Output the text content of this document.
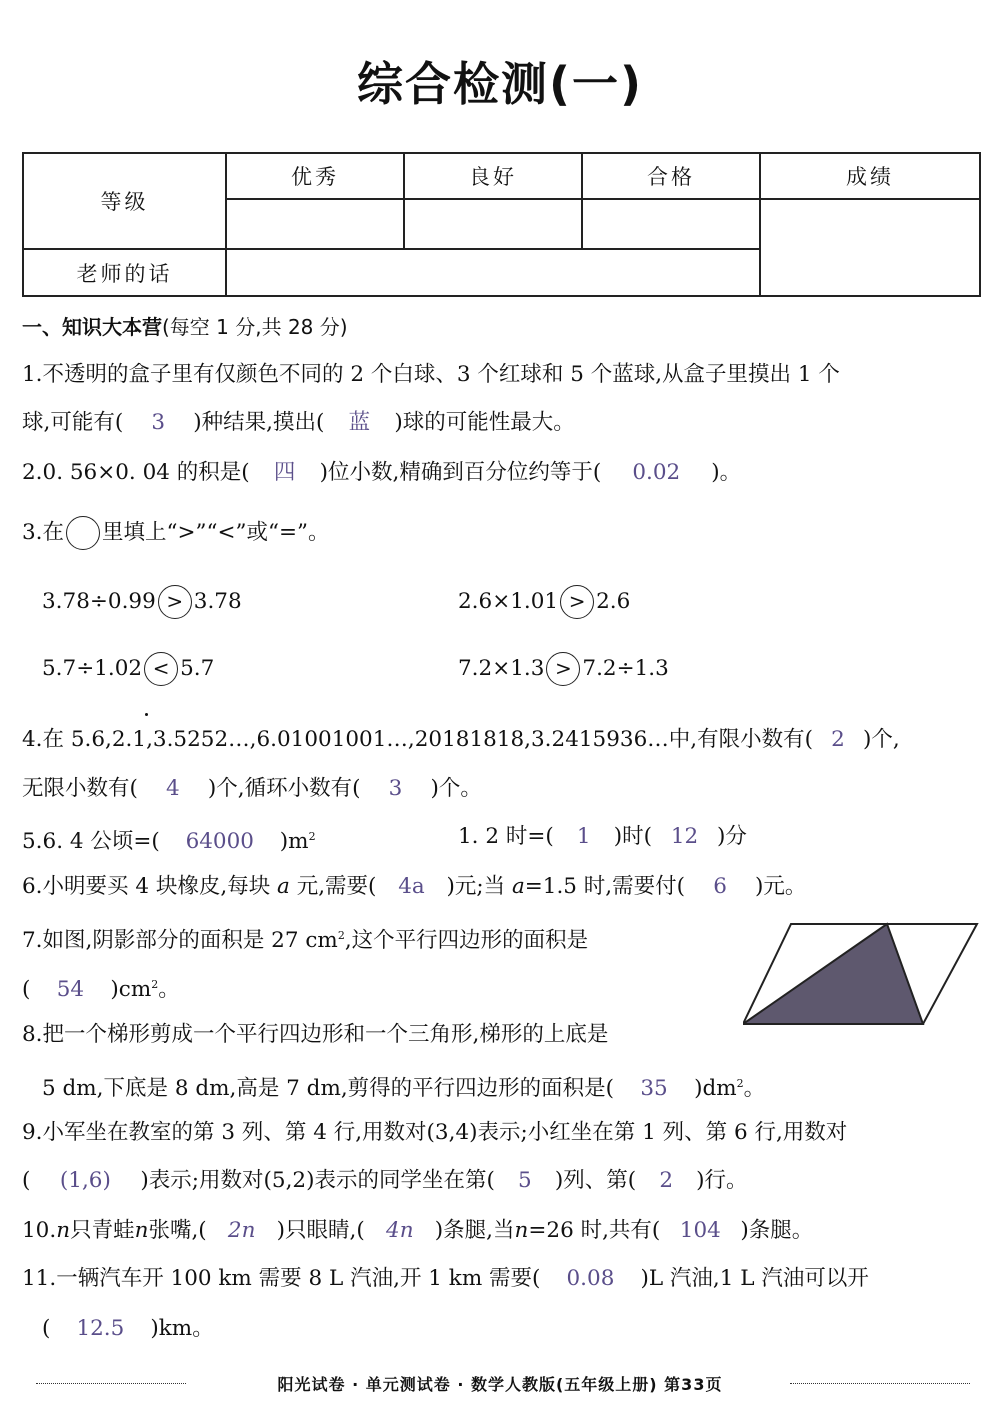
综合检测(一)
等级	优秀	良好	合格	成绩

老师的话				
一、知识大本营(每空 1 分,共 28 分)
1.不透明的盒子里有仅颜色不同的 2 个白球、3 个红球和 5 个蓝球,从盒子里摸出 1 个
球,可能有( 3 )种结果,摸出( 蓝 )球的可能性最大。
2.0. 56×0. 04 的积是( 四 )位小数,精确到百分位约等于( 0.02 )。
3.在 里填上“>”“<”或“=”。
3.78÷0.99 > 3.78	2.6×1.01 > 2.6
5.7÷1.02 < 5.7	7.2×1.3 > 7.2÷1.3
4.在 5.6,2.1,3.5252…,6.01001001…,20181818,3.2415936…中,有限小数有( 2 )个,
无限小数有( 4 )个,循环小数有( 3 )个。
5.6. 4 公顷=( 64000 )$m^2$	1. 2 时=( 1 )时( 12 )分
6.小明要买 4 块橡皮,每块 a 元,需要( 4a )元;当 a=1.5 时,需要付( 6 )元。
7.如图,阴影部分的面积是 27 $cm^2$,这个平行四边形的面积是
( 54 )$cm^2$。
8.把一个梯形剪成一个平行四边形和一个三角形,梯形的上底是
5 dm,下底是 8 dm,高是 7 dm,剪得的平行四边形的面积是( 35 )$dm^2$。
9.小军坐在教室的第 3 列、第 4 行,用数对(3,4)表示;小红坐在第 1 列、第 6 行,用数对
( (1,6) )表示;用数对(5,2)表示的同学坐在第( 5 )列、第( 2 )行。
10.n只青蛙n张嘴,( 2n )只眼睛,( 4n )条腿,当n=26 时,共有( 104 )条腿。
11.一辆汽车开 100 km 需要 8 L 汽油,开 1 km 需要( 0.08 )L 汽油,1 L 汽油可以开
( 12.5 )km。
阳光试卷 · 单元测试卷 · 数学人教版(五年级上册) 第33页
